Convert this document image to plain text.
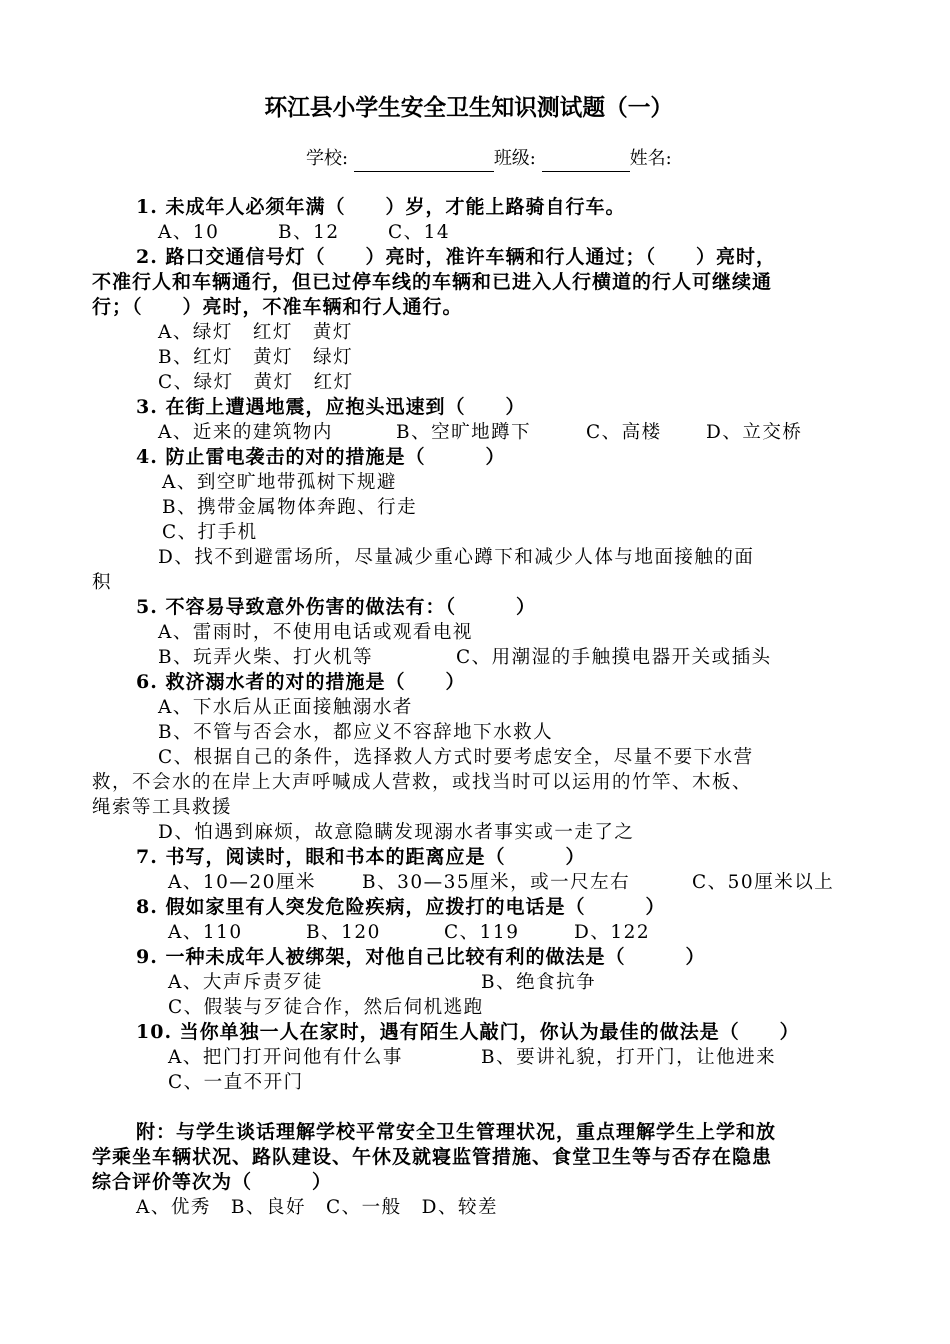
环江县小学生安全卫生知识测试题（一）
学校:	班级:	姓名:
1. 未成年人必须年满（　　）岁，才能上路骑自行车。
A、10	B、12	C、14
2. 路口交通信号灯（　　）亮时，准许车辆和行人通过；（　　）亮时，
不准行人和车辆通行，但已过停车线的车辆和已进入人行横道的行人可继续通
行；（　　）亮时，不准车辆和行人通行。
A、绿灯　红灯　黄灯
B、红灯　黄灯　绿灯
C、绿灯　黄灯　红灯
3. 在街上遭遇地震，应抱头迅速到（　　）
A、近来的建筑物内	B、空旷地蹲下	C、高楼 D、立交桥
4. 防止雷电袭击的对的措施是（　　　）
A、到空旷地带孤树下规避
B、携带金属物体奔跑、行走
C、打手机
D、找不到避雷场所，尽量减少重心蹲下和减少人体与地面接触的面
积
5. 不容易导致意外伤害的做法有：（　　　）
A、雷雨时，不使用电话或观看电视
B、玩弄火柴、打火机等	C、用潮湿的手触摸电器开关或插头
6. 救济溺水者的对的措施是（　　）
A、下水后从正面接触溺水者
B、不管与否会水，都应义不容辞地下水救人
C、根据自己的条件，选择救人方式时要考虑安全，尽量不要下水营
救，不会水的在岸上大声呼喊成人营救，或找当时可以运用的竹竿、木板、
绳索等工具救援
D、怕遇到麻烦，故意隐瞒发现溺水者事实或一走了之
7. 书写，阅读时，眼和书本的距离应是（　　　）
A、10—20厘米 B、30—35厘米，或一尺左右	C、50厘米以上
8. 假如家里有人突发危险疾病，应拨打的电话是（　　　）
A、110	B、120	C、119	D、122
9. 一种未成年人被绑架，对他自己比较有利的做法是（　　　）
A、大声斥责歹徒	B、绝食抗争
C、假装与歹徒合作，然后伺机逃跑
10. 当你单独一人在家时，遇有陌生人敲门，你认为最佳的做法是（　　）
A、把门打开问他有什么事	B、要讲礼貌，打开门，让他进来
C、一直不开门
附：与学生谈话理解学校平常安全卫生管理状况，重点理解学生上学和放
学乘坐车辆状况、路队建设、午休及就寝监管措施、食堂卫生等与否存在隐患
综合评价等次为（　　　）
A、优秀　B、良好　C、一般　D、较差
